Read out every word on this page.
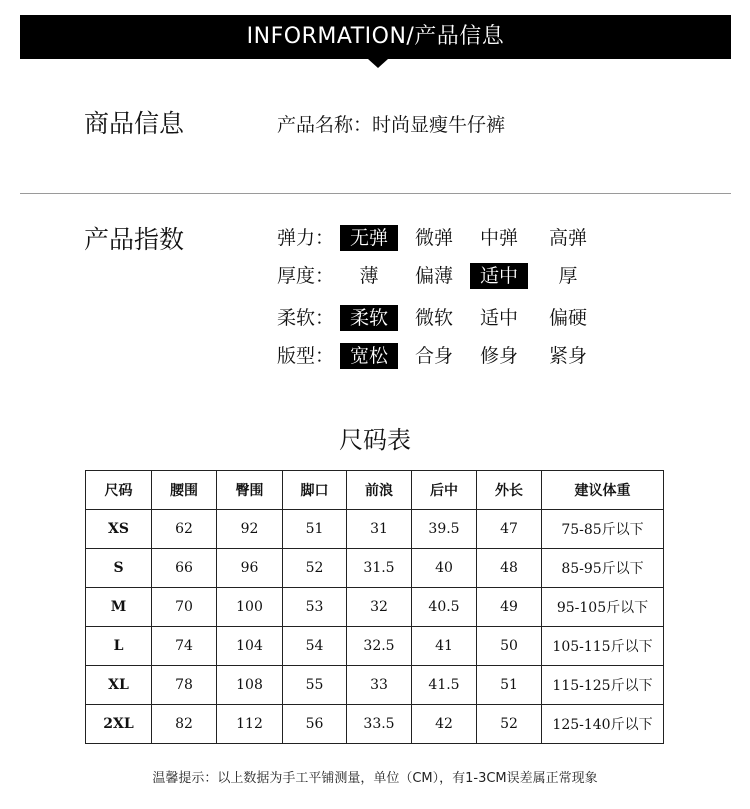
INFORMATION/产品信息
商品信息	产品名称：时尚显瘦牛仔裤
产品指数	弹力： 无弹	微弹	中弹	高弹
厚度：	薄	偏薄	适中	厚
柔软： 柔软	微软	适中	偏硬
版型： 宽松	合身	修身	紧身
尺码表
尺码	腰围	臀围	脚口	前浪	后中	外长	建议体重
XS	62	92	51	31	39.5	47	75-85斤以下
S	66	96	52	31.5	40	48	85-95斤以下
M	70	100	53	32	40.5	49	95-105斤以下
L	74	104	54	32.5	41	50	105-115斤以下
XL	78	108	55	33	41.5	51	115-125斤以下
2XL	82	112	56	33.5	42	52	125-140斤以下
温馨提示：以上数据为手工平铺测量，单位（CM），有1-3CM误差属正常现象
